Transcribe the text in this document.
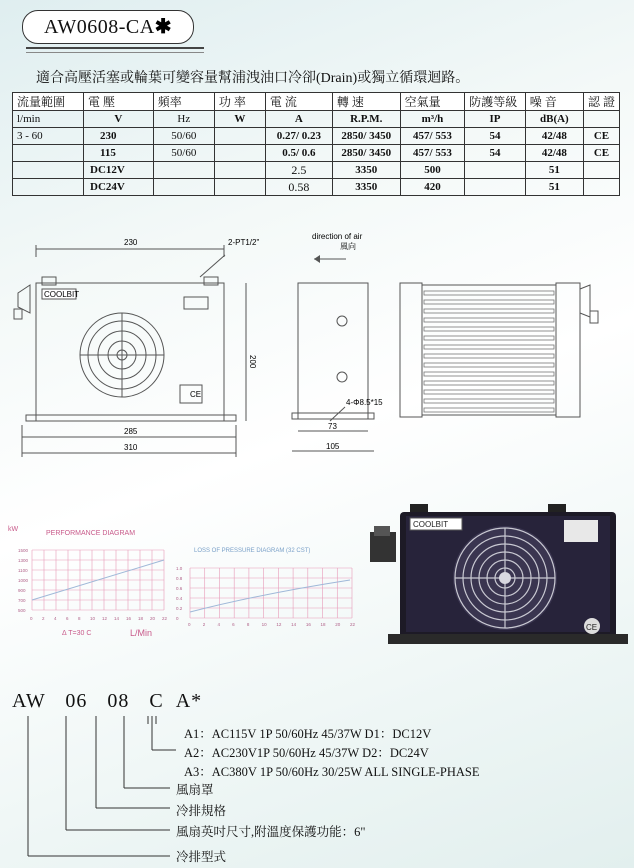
AW0608-CA✱
適合高壓活塞或輪葉可變容量幫浦洩油口冷卻(Drain)或獨立循環迴路。
流量範圍	電 壓	頻率	功 率	電 流	轉 速	空氣量	防護等級	噪 音	認 證
l/min	V	Hz	W	A	R.P.M.	m³/h	IP	dB(A)	
3 - 60	230	50/60		0.27/ 0.23	2850/ 3450	457/ 553	54	42/48	CE
	115	50/60		0.5/ 0.6	2850/ 3450	457/ 553	54	42/48	CE
	DC12V			2.5	3350	500		51	
	DC24V			0.58	3350	420		51	
COOLBIT
CE
230	2-PT1/2"
200
285
310
direction of air
風向
4-Φ8.5*15
73
105
kW
PERFORMANCE DIAGRAM
1500
1300
1100
1000
900
700
500
0 2 4 6 8 10 12 14 16 18 20 22
Δ T=30 C	L/Min
LOSS OF PRESSURE DIAGRAM (32 CST)
1.0
0.8
0.6
0.4
0.2
0
0	2	4	6	8	10 12 14 16 18 20 22
COOLBIT
CE
AW 06 08 C A*
A1：AC115V 1P 50/60Hz 45/37W D1：DC12V
A2：AC230V1P 50/60Hz 45/37W D2：DC24V
A3：AC380V 1P 50/60Hz 30/25W ALL SINGLE-PHASE
風扇罩
冷排規格
風扇英吋尺寸,附溫度保護功能：6"
冷排型式
